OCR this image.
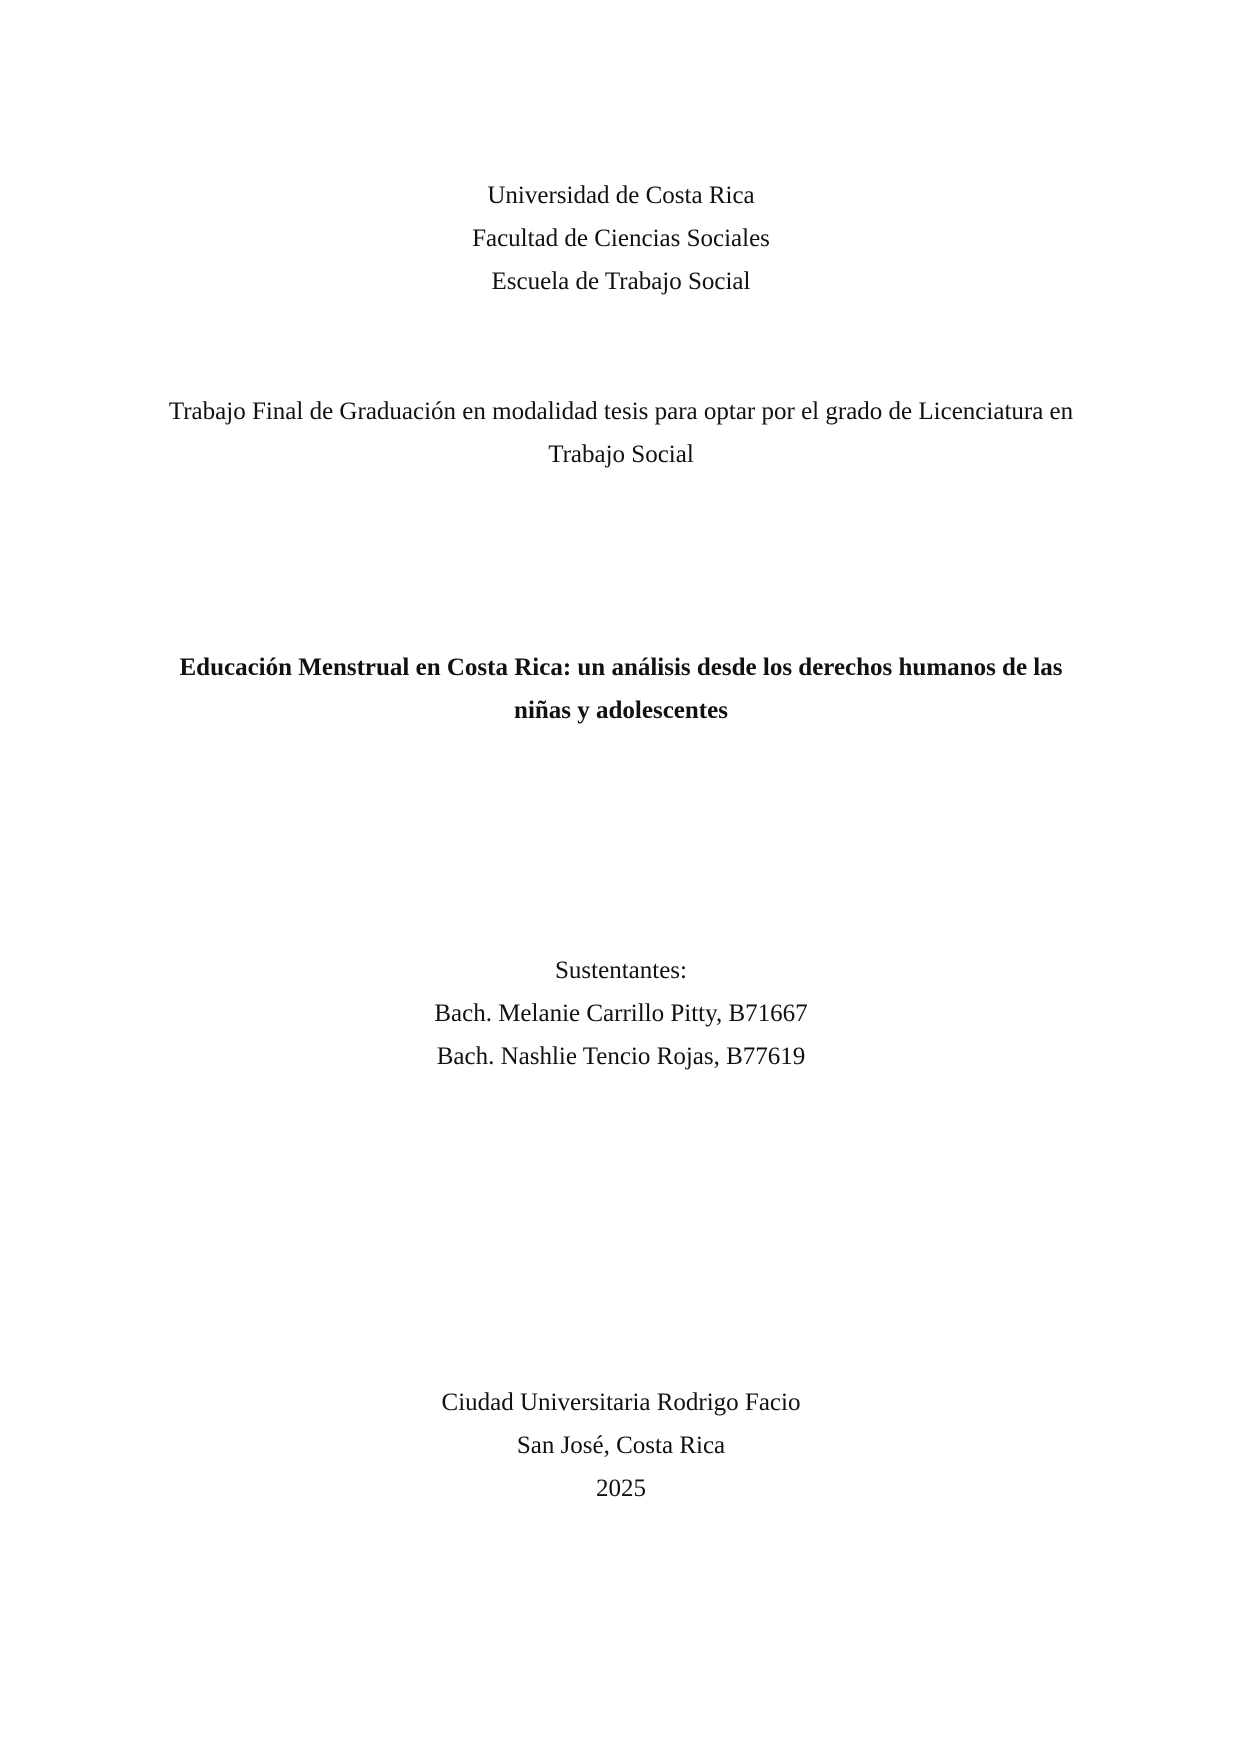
Universidad de Costa Rica
Facultad de Ciencias Sociales
Escuela de Trabajo Social
Trabajo Final de Graduación en modalidad tesis para optar por el grado de Licenciatura en
Trabajo Social
Educación Menstrual en Costa Rica: un análisis desde los derechos humanos de las
niñas y adolescentes
Sustentantes:
Bach. Melanie Carrillo Pitty, B71667
Bach. Nashlie Tencio Rojas, B77619
Ciudad Universitaria Rodrigo Facio
San José, Costa Rica
2025
